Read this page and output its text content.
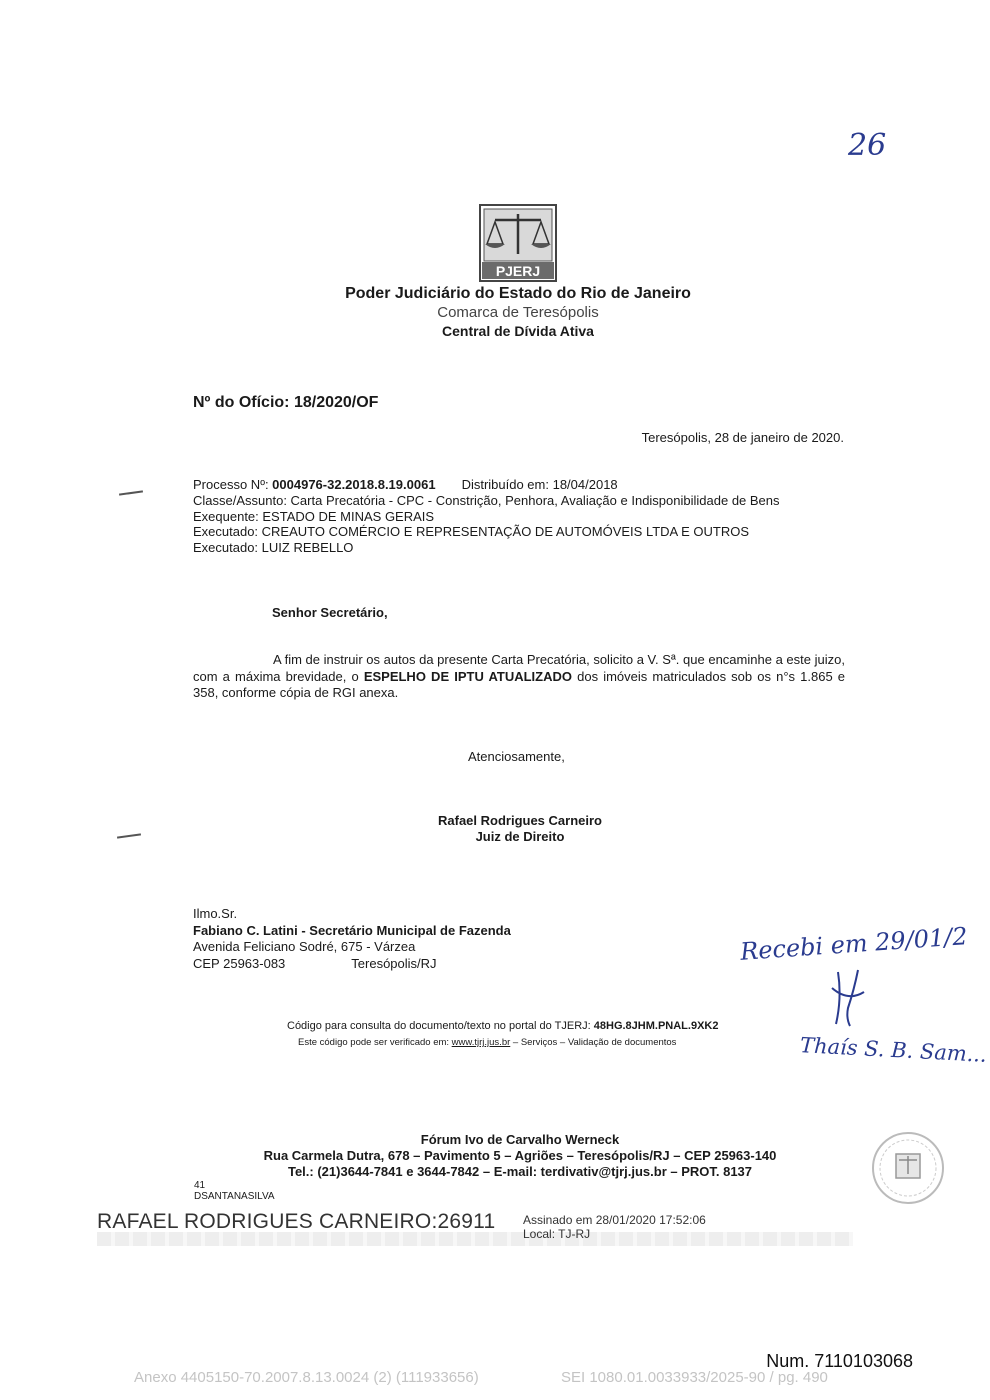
26
PJERJ
Poder Judiciário do Estado do Rio de Janeiro
Comarca de Teresópolis
Central de Dívida Ativa
Nº do Ofício: 18/2020/OF
Teresópolis, 28 de janeiro de 2020.
Processo Nº: 0004976-32.2018.8.19.0061 Distribuído em: 18/04/2018
Classe/Assunto: Carta Precatória - CPC - Constrição, Penhora, Avaliação e Indisponibilidade de Bens
Exequente: ESTADO DE MINAS GERAIS
Executado: CREAUTO COMÉRCIO E REPRESENTAÇÃO DE AUTOMÓVEIS LTDA E OUTROS
Executado: LUIZ REBELLO
Senhor Secretário,
A fim de instruir os autos da presente Carta Precatória, solicito a V. Sª. que encaminhe a este juizo, com a máxima brevidade, o ESPELHO DE IPTU ATUALIZADO dos imóveis matriculados sob os n°s 1.865 e 358, conforme cópia de RGI anexa.
Atenciosamente,
Rafael Rodrigues Carneiro
Juiz de Direito
Ilmo.Sr.
Fabiano C. Latini - Secretário Municipal de Fazenda
Avenida Feliciano Sodré, 675 - Várzea
CEP 25963-083	Teresópolis/RJ	Recebi em 29/01/2
Thaís S. B. Sam...
Código para consulta do documento/texto no portal do TJERJ: 48HG.8JHM.PNAL.9XK2
Este código pode ser verificado em: www.tjrj.jus.br – Serviços – Validação de documentos
Fórum Ivo de Carvalho Werneck
Rua Carmela Dutra, 678 – Pavimento 5 – Agriões – Teresópolis/RJ – CEP 25963-140
Tel.: (21)3644-7841 e 3644-7842 – E-mail: terdivativ@tjrj.jus.br – PROT. 8137
41
DSANTANASILVA
RAFAEL RODRIGUES CARNEIRO:26911 Assinado em 28/01/2020 17:52:06
Local: TJ-RJ
Num. 7110103068
Anexo 4405150-70.2007.8.13.0024 (2) (111933656)	SEI 1080.01.0033933/2025-90 / pg. 490
